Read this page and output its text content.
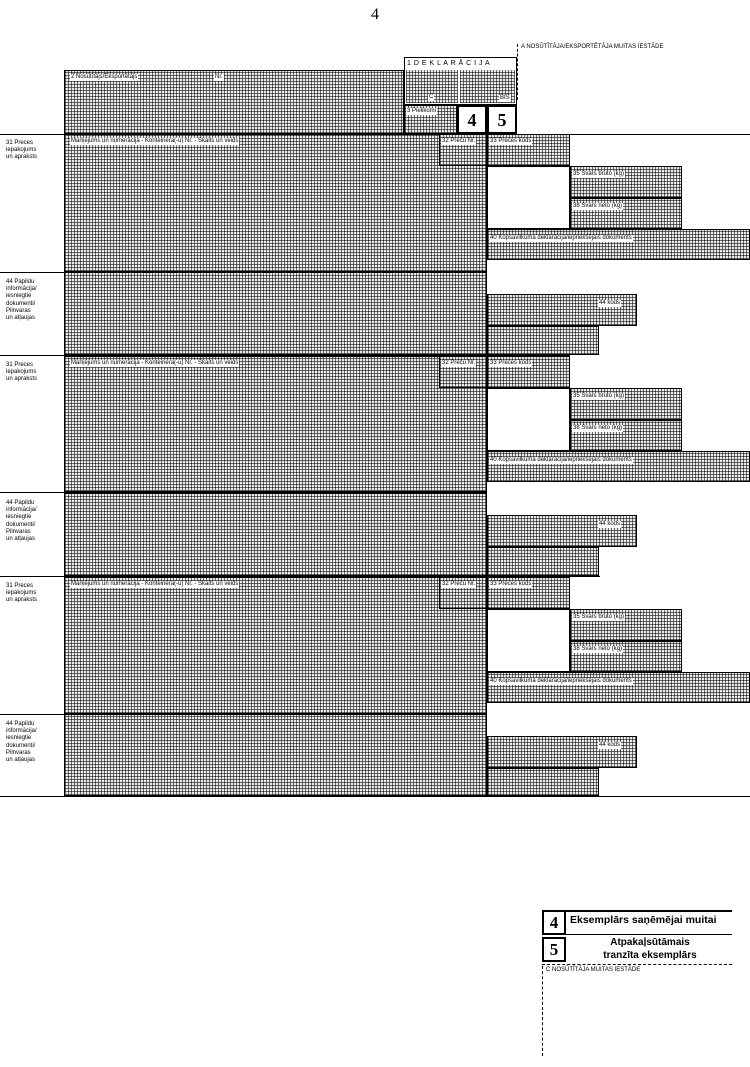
4
2 Nosūtītājs/Eksportētājs	Nr.
1 D E K L A R Ā C I J A
C	BIS
3 Pielikumi	4	5
A NOSŪTĪTĀJA/EKSPORTĒTĀJA MUITAS IESTĀDE
31 Preces
iepakojums
un apraksts
Marķējums un numerācija - Konteinera(-u) Nr. - Skaits un veids	32 Preču Nr. 33 Preces kods
35 Svars bruto (kg)
38 Svars neto (kg)
40 Kopsavilkuma deklarācija/iepriekšējais dokuments
44 Papildu
informācija/
iesniegtie
dokumenti/
Pilnvaras
un atļaujas
44 kods
31 Preces
iepakojums
un apraksts
Marķējums un numerācija - Konteinera(-u) Nr. - Skaits un veids	32 Preču Nr. 33 Preces kods
35 Svars bruto (kg)
38 Svars neto (kg)
40 Kopsavilkuma deklarācija/iepriekšējais dokuments
44 Papildu
informācija/
iesniegtie
dokumenti/
Pilnvaras
un atļaujas
44 kods
31 Preces
iepakojums
un apraksts
Marķējums un numerācija - Konteinera(-u) Nr. - Skaits un veids	32 Preču Nr. 33 Preces kods
35 Svars bruto (kg)
38 Svars neto (kg)
40 Kopsavilkuma deklarācija/iepriekšējais dokuments
44 Papildu
informācija/
iesniegtie
dokumenti/
Pilnvaras
un atļaujas
44 kods
4	Eksemplārs saņēmējai muitai
5	Atpakaļsūtāmais
tranzīta eksemplārs
C NOSŪTĪTĀJA MUITAS IESTĀDE
